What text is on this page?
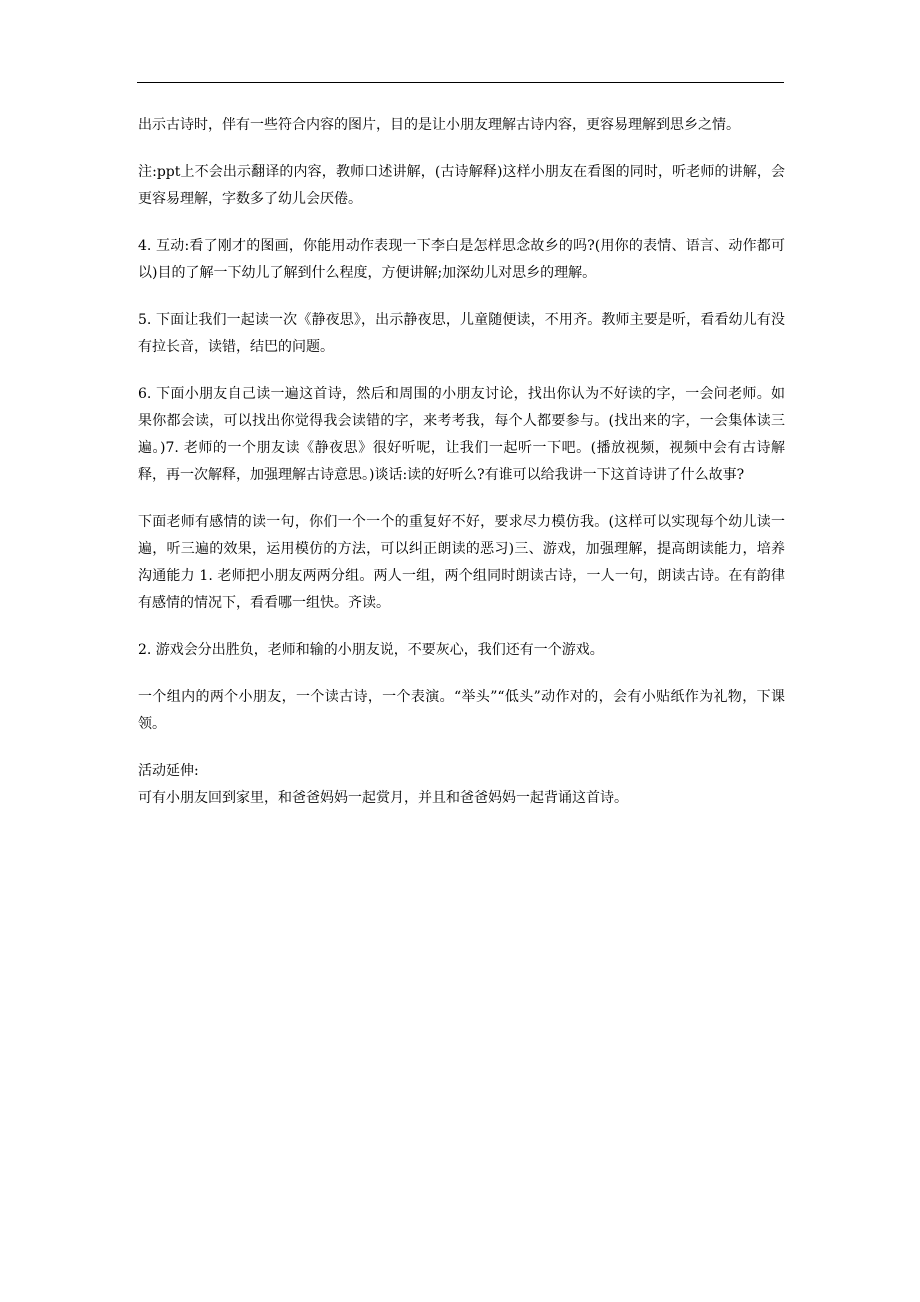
出示古诗时，伴有一些符合内容的图片，目的是让小朋友理解古诗内容，更容易理解到思乡之情。

注:ppt上不会出示翻译的内容，教师口述讲解，(古诗解释)这样小朋友在看图的同时，听老师的讲解，会更容易理解，字数多了幼儿会厌倦。

4. 互动:看了刚才的图画，你能用动作表现一下李白是怎样思念故乡的吗?(用你的表情、语言、动作都可以)目的了解一下幼儿了解到什么程度，方便讲解;加深幼儿对思乡的理解。

5. 下面让我们一起读一次《静夜思》，出示静夜思，儿童随便读，不用齐。教师主要是听，看看幼儿有没有拉长音，读错，结巴的问题。

6. 下面小朋友自己读一遍这首诗，然后和周围的小朋友讨论，找出你认为不好读的字，一会问老师。如果你都会读，可以找出你觉得我会读错的字，来考考我，每个人都要参与。(找出来的字，一会集体读三遍。)7. 老师的一个朋友读《静夜思》很好听呢，让我们一起听一下吧。(播放视频，视频中会有古诗解释，再一次解释，加强理解古诗意思。)谈话:读的好听么?有谁可以给我讲一下这首诗讲了什么故事?

下面老师有感情的读一句，你们一个一个的重复好不好，要求尽力模仿我。(这样可以实现每个幼儿读一遍，听三遍的效果，运用模仿的方法，可以纠正朗读的恶习)三、游戏，加强理解，提高朗读能力，培养沟通能力 1. 老师把小朋友两两分组。两人一组，两个组同时朗读古诗，一人一句，朗读古诗。在有韵律有感情的情况下，看看哪一组快。齐读。

2. 游戏会分出胜负，老师和输的小朋友说，不要灰心，我们还有一个游戏。

一个组内的两个小朋友，一个读古诗，一个表演。“举头”“低头”动作对的，会有小贴纸作为礼物，下课领。

活动延伸:

可有小朋友回到家里，和爸爸妈妈一起赏月，并且和爸爸妈妈一起背诵这首诗。
